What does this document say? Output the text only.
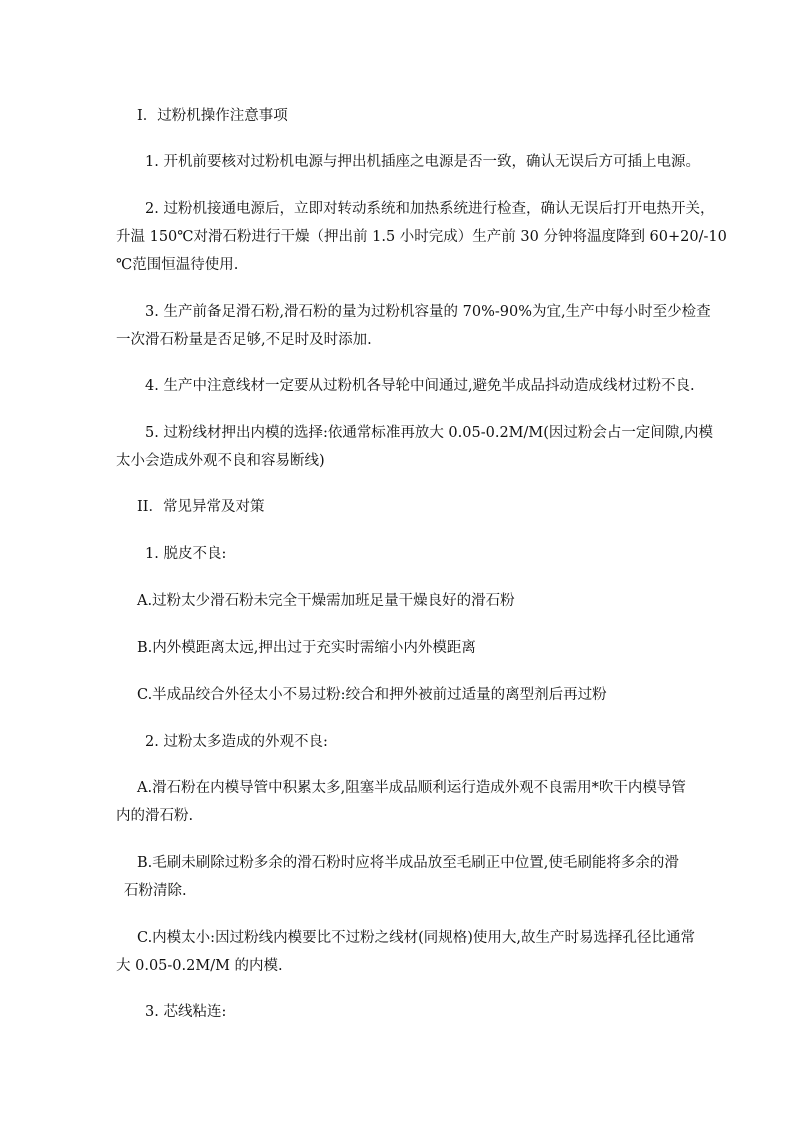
I．过粉机操作注意事项
1. 开机前要核对过粉机电源与押出机插座之电源是否一致，确认无误后方可插上电源。
2. 过粉机接通电源后，立即对转动系统和加热系统进行检查，确认无误后打开电热开关，
升温 150℃对滑石粉进行干燥（押出前 1.5 小时完成）生产前 30 分钟将温度降到 60+20/-10
℃范围恒温待使用.
3. 生产前备足滑石粉,滑石粉的量为过粉机容量的 70%-90%为宜,生产中每小时至少检查
一次滑石粉量是否足够,不足时及时添加.
4. 生产中注意线材一定要从过粉机各导轮中间通过,避免半成品抖动造成线材过粉不良.
5. 过粉线材押出内模的选择:依通常标准再放大 0.05-0.2M/M(因过粉会占一定间隙,内模
太小会造成外观不良和容易断线)
II．常见异常及对策
1. 脱皮不良:
A.过粉太少滑石粉未完全干燥需加班足量干燥良好的滑石粉
B.内外模距离太远,押出过于充实时需缩小内外模距离
C.半成品绞合外径太小不易过粉:绞合和押外被前过适量的离型剂后再过粉
2. 过粉太多造成的外观不良:
A.滑石粉在内模导管中积累太多,阻塞半成品顺利运行造成外观不良需用*吹干内模导管
内的滑石粉.
B.毛刷未刷除过粉多余的滑石粉时应将半成品放至毛刷正中位置,使毛刷能将多余的滑
石粉清除.
C.内模太小:因过粉线内模要比不过粉之线材(同规格)使用大,故生产时易选择孔径比通常
大 0.05-0.2M/M 的内模.
3. 芯线粘连:
